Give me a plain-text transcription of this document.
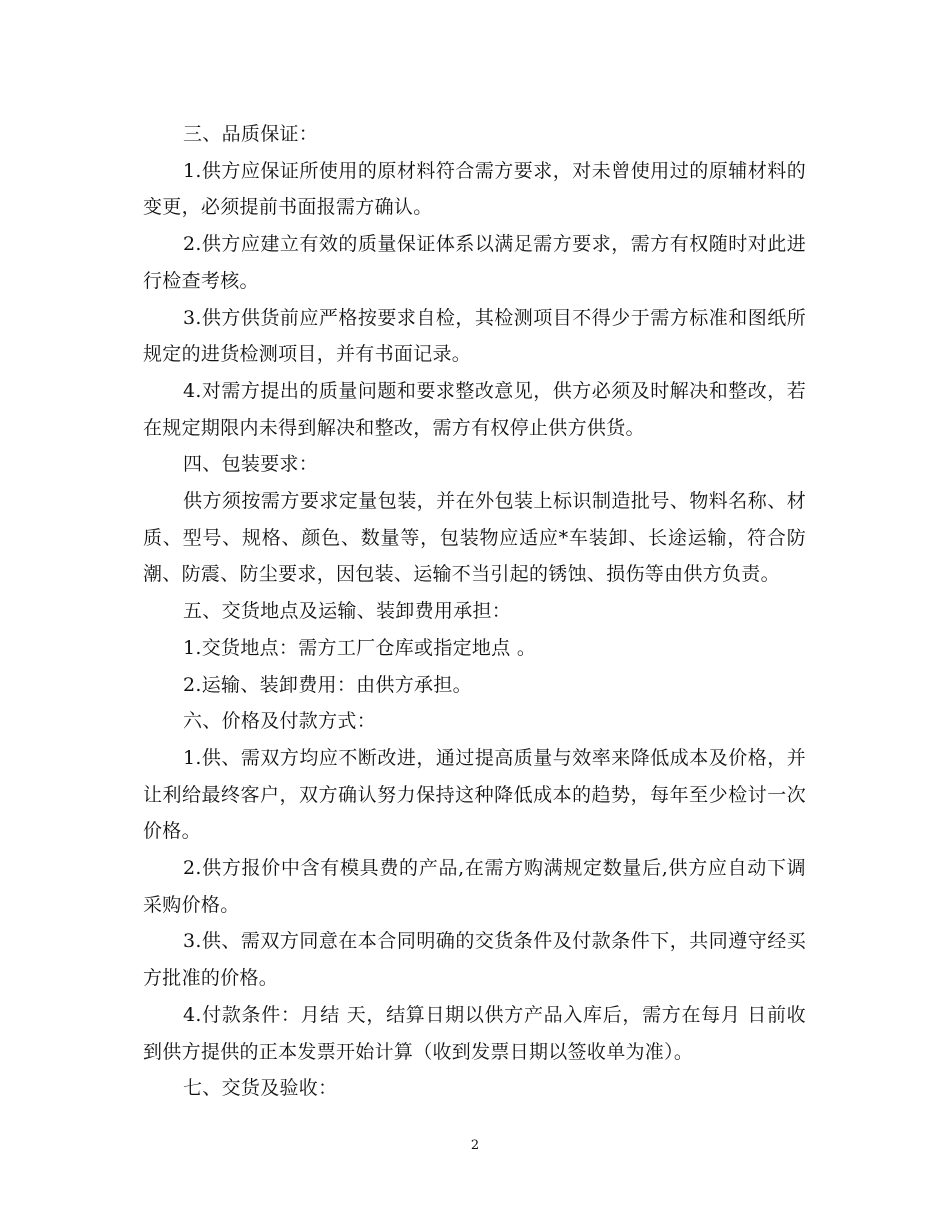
三、品质保证：

1.供方应保证所使用的原材料符合需方要求，对未曾使用过的原辅材料的变更，必须提前书面报需方确认。

2.供方应建立有效的质量保证体系以满足需方要求，需方有权随时对此进行检查考核。

3.供方供货前应严格按要求自检，其检测项目不得少于需方标准和图纸所规定的进货检测项目，并有书面记录。

4.对需方提出的质量问题和要求整改意见，供方必须及时解决和整改，若在规定期限内未得到解决和整改，需方有权停止供方供货。

四、包装要求：

供方须按需方要求定量包装，并在外包装上标识制造批号、物料名称、材质、型号、规格、颜色、数量等，包装物应适应*车装卸、长途运输，符合防潮、防震、防尘要求，因包装、运输不当引起的锈蚀、损伤等由供方负责。

五、交货地点及运输、装卸费用承担：

1.交货地点：需方工厂仓库或指定地点 。

2.运输、装卸费用：由供方承担。

六、价格及付款方式：

1.供、需双方均应不断改进，通过提高质量与效率来降低成本及价格，并让利给最终客户，双方确认努力保持这种降低成本的趋势，每年至少检讨一次价格。

2.供方报价中含有模具费的产品,在需方购满规定数量后,供方应自动下调采购价格。

3.供、需双方同意在本合同明确的交货条件及付款条件下，共同遵守经买方批准的价格。

4.付款条件：月结 天，结算日期以供方产品入库后，需方在每月 日前收到供方提供的正本发票开始计算（收到发票日期以签收单为准）。

七、交货及验收：

2
